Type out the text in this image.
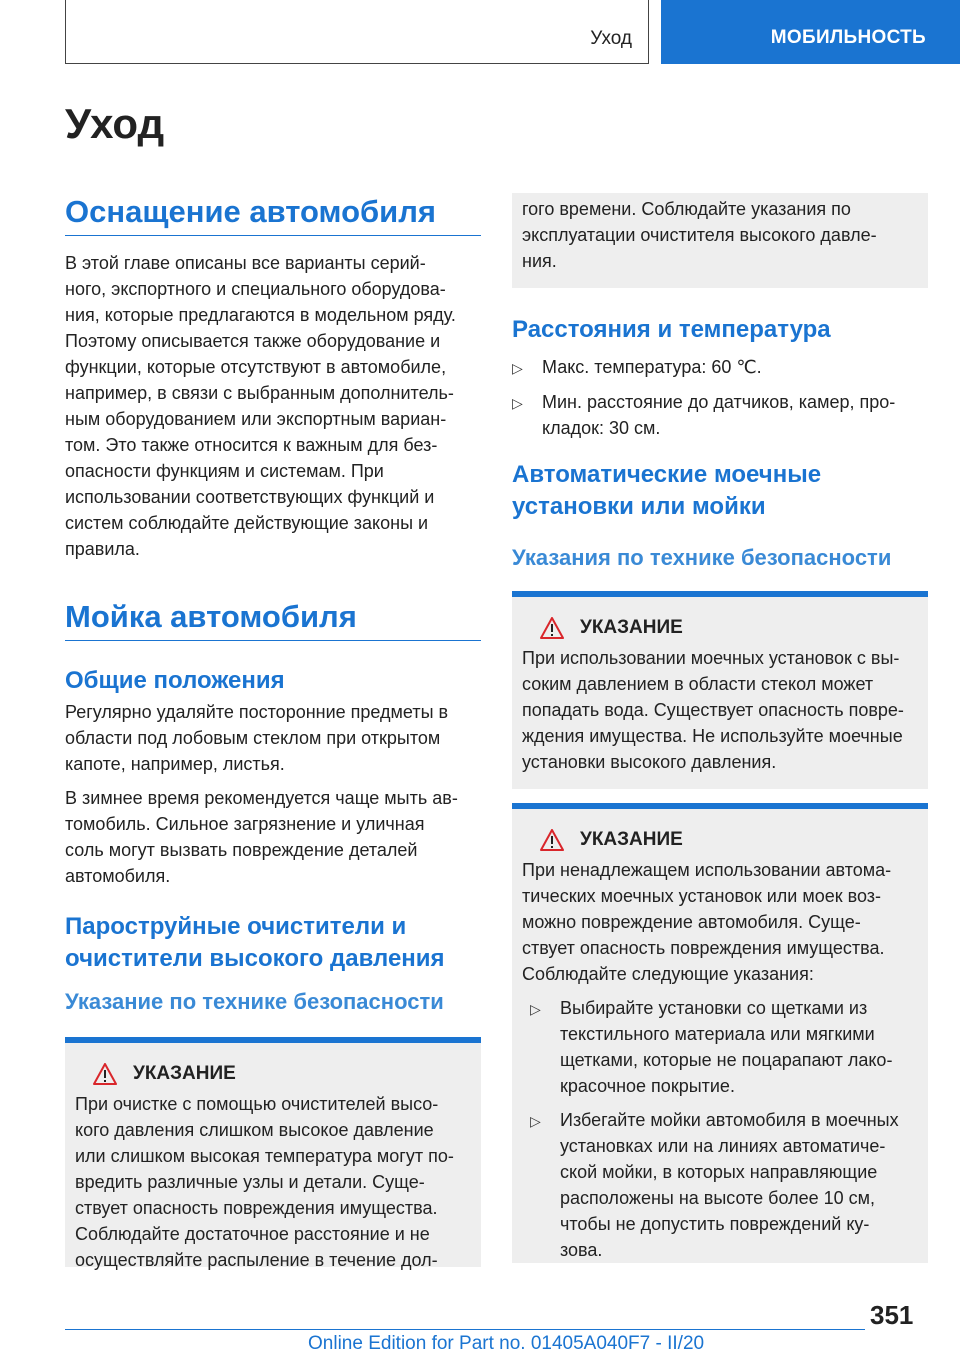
Уход	МОБИЛЬНОСТЬ
Уход
Оснащение автомобиля
В этой главе описаны все варианты серий-
ного, экспортного и специального оборудова-
ния, которые предлагаются в модельном ряду.
Поэтому описывается также оборудование и
функции, которые отсутствуют в автомобиле,
например, в связи с выбранным дополнитель-
ным оборудованием или экспортным вариан-
том. Это также относится к важным для без-
опасности функциям и системам. При
использовании соответствующих функций и
систем соблюдайте действующие законы и
правила.
Мойка автомобиля
Общие положения
Регулярно удаляйте посторонние предметы в
области под лобовым стеклом при открытом
капоте, например, листья.
В зимнее время рекомендуется чаще мыть ав-
томобиль. Сильное загрязнение и уличная
соль могут вызвать повреждение деталей
автомобиля.
Пароструйные очистители и
очистители высокого давления
Указание по технике безопасности
УКАЗАНИЕ
При очистке с помощью очистителей высо-
кого давления слишком высокое давление
или слишком высокая температура могут по-
вредить различные узлы и детали. Суще-
ствует опасность повреждения имущества.
Соблюдайте достаточное расстояние и не
осуществляйте распыление в течение дол-
гого времени. Соблюдайте указания по
эксплуатации очистителя высокого давле-
ния.
Расстояния и температура
▷	Макс. температура: 60 ℃.
▷	Мин. расстояние до датчиков, камер, про-
кладок: 30 см.
Автоматические моечные
установки или мойки
Указания по технике безопасности
УКАЗАНИЕ
При использовании моечных установок с вы-
соким давлением в области стекол может
попадать вода. Существует опасность повре-
ждения имущества. Не используйте моечные
установки высокого давления.
УКАЗАНИЕ
При ненадлежащем использовании автома-
тических моечных установок или моек воз-
можно повреждение автомобиля. Суще-
ствует опасность повреждения имущества.
Соблюдайте следующие указания:
▷	Выбирайте установки со щетками из
текстильного материала или мягкими
щетками, которые не поцарапают лако-
красочное покрытие.
▷	Избегайте мойки автомобиля в моечных
установках или на линиях автоматиче-
ской мойки, в которых направляющие
расположены на высоте более 10 см,
чтобы не допустить повреждений ку-
зова.
351
Online Edition for Part no. 01405A040F7 - II/20
